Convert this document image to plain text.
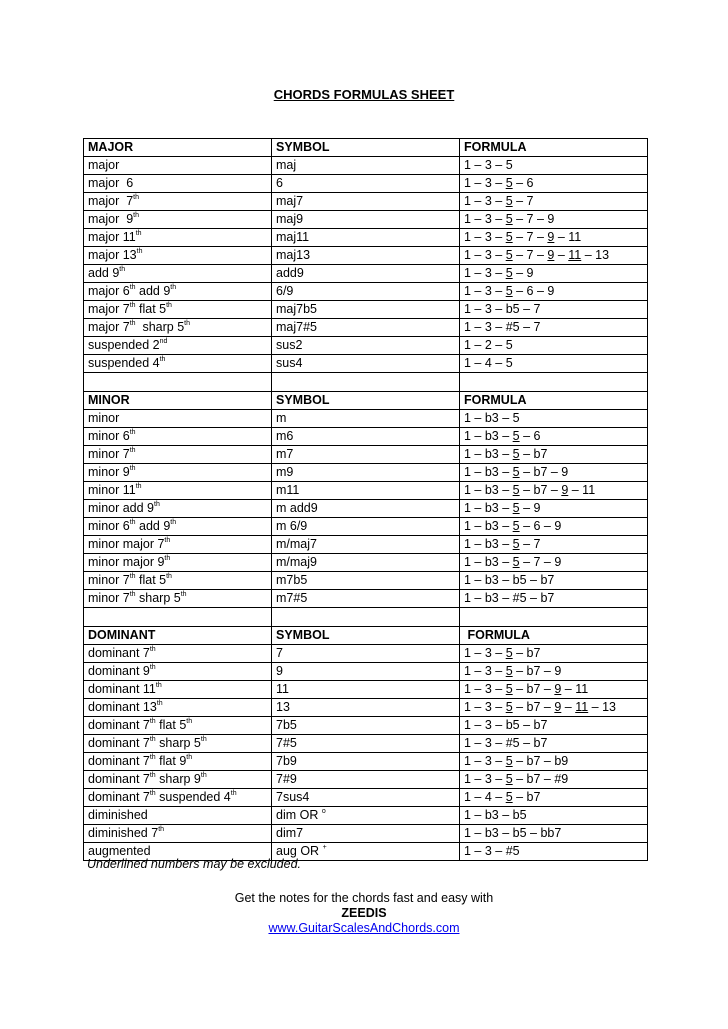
CHORDS FORMULAS SHEET
MAJOR	SYMBOL	FORMULA
major	maj	1 – 3 – 5
major  6	6	1 – 3 – 5 – 6
major  7th	maj7	1 – 3 – 5 – 7
major  9th	maj9	1 – 3 – 5 – 7 – 9
major 11th	maj11	1 – 3 – 5 – 7 – 9 – 11
major 13th	maj13	1 – 3 – 5 – 7 – 9 – 11 – 13
add 9th	add9	1 – 3 – 5 – 9
major 6th add 9th	6/9	1 – 3 – 5 – 6 – 9
major 7th flat 5th	maj7b5	1 – 3 – b5 – 7
major 7th  sharp 5th	maj7#5	1 – 3 – #5 – 7
suspended 2nd	sus2	1 – 2 – 5
suspended 4th	sus4	1 – 4 – 5

MINOR	SYMBOL	FORMULA
minor	m	1 – b3 – 5
minor 6th	m6	1 – b3 – 5 – 6
minor 7th	m7	1 – b3 – 5 – b7
minor 9th	m9	1 – b3 – 5 – b7 – 9
minor 11th	m11	1 – b3 – 5 – b7 – 9 – 11
minor add 9th	m add9	1 – b3 – 5 – 9
minor 6th add 9th	m 6/9	1 – b3 – 5 – 6 – 9
minor major 7th	m/maj7	1 – b3 – 5 – 7
minor major 9th	m/maj9	1 – b3 – 5 – 7 – 9
minor 7th flat 5th	m7b5	1 – b3 – b5 – b7
minor 7th sharp 5th	m7#5	1 – b3 – #5 – b7

DOMINANT	SYMBOL	FORMULA
dominant 7th	7	1 – 3 – 5 – b7
dominant 9th	9	1 – 3 – 5 – b7 – 9
dominant 11th	11	1 – 3 – 5 – b7 – 9 – 11
dominant 13th	13	1 – 3 – 5 – b7 – 9 – 11 – 13
dominant 7th flat 5th	7b5	1 – 3 – b5 – b7
dominant 7th sharp 5th	7#5	1 – 3 – #5 – b7
dominant 7th flat 9th	7b9	1 – 3 – 5 – b7 – b9
dominant 7th sharp 9th	7#9	1 – 3 – 5 – b7 – #9
dominant 7th suspended 4th	7sus4	1 – 4 – 5 – b7
diminished	dim OR $^o$	1 – b3 – b5
diminished 7th	dim7	1 – b3 – b5 – bb7
augmented	aug OR +	1 – 3 – #5
Underlined numbers may be excluded.
Get the notes for the chords fast and easy with
ZEEDIS
www.GuitarScalesAndChords.com
